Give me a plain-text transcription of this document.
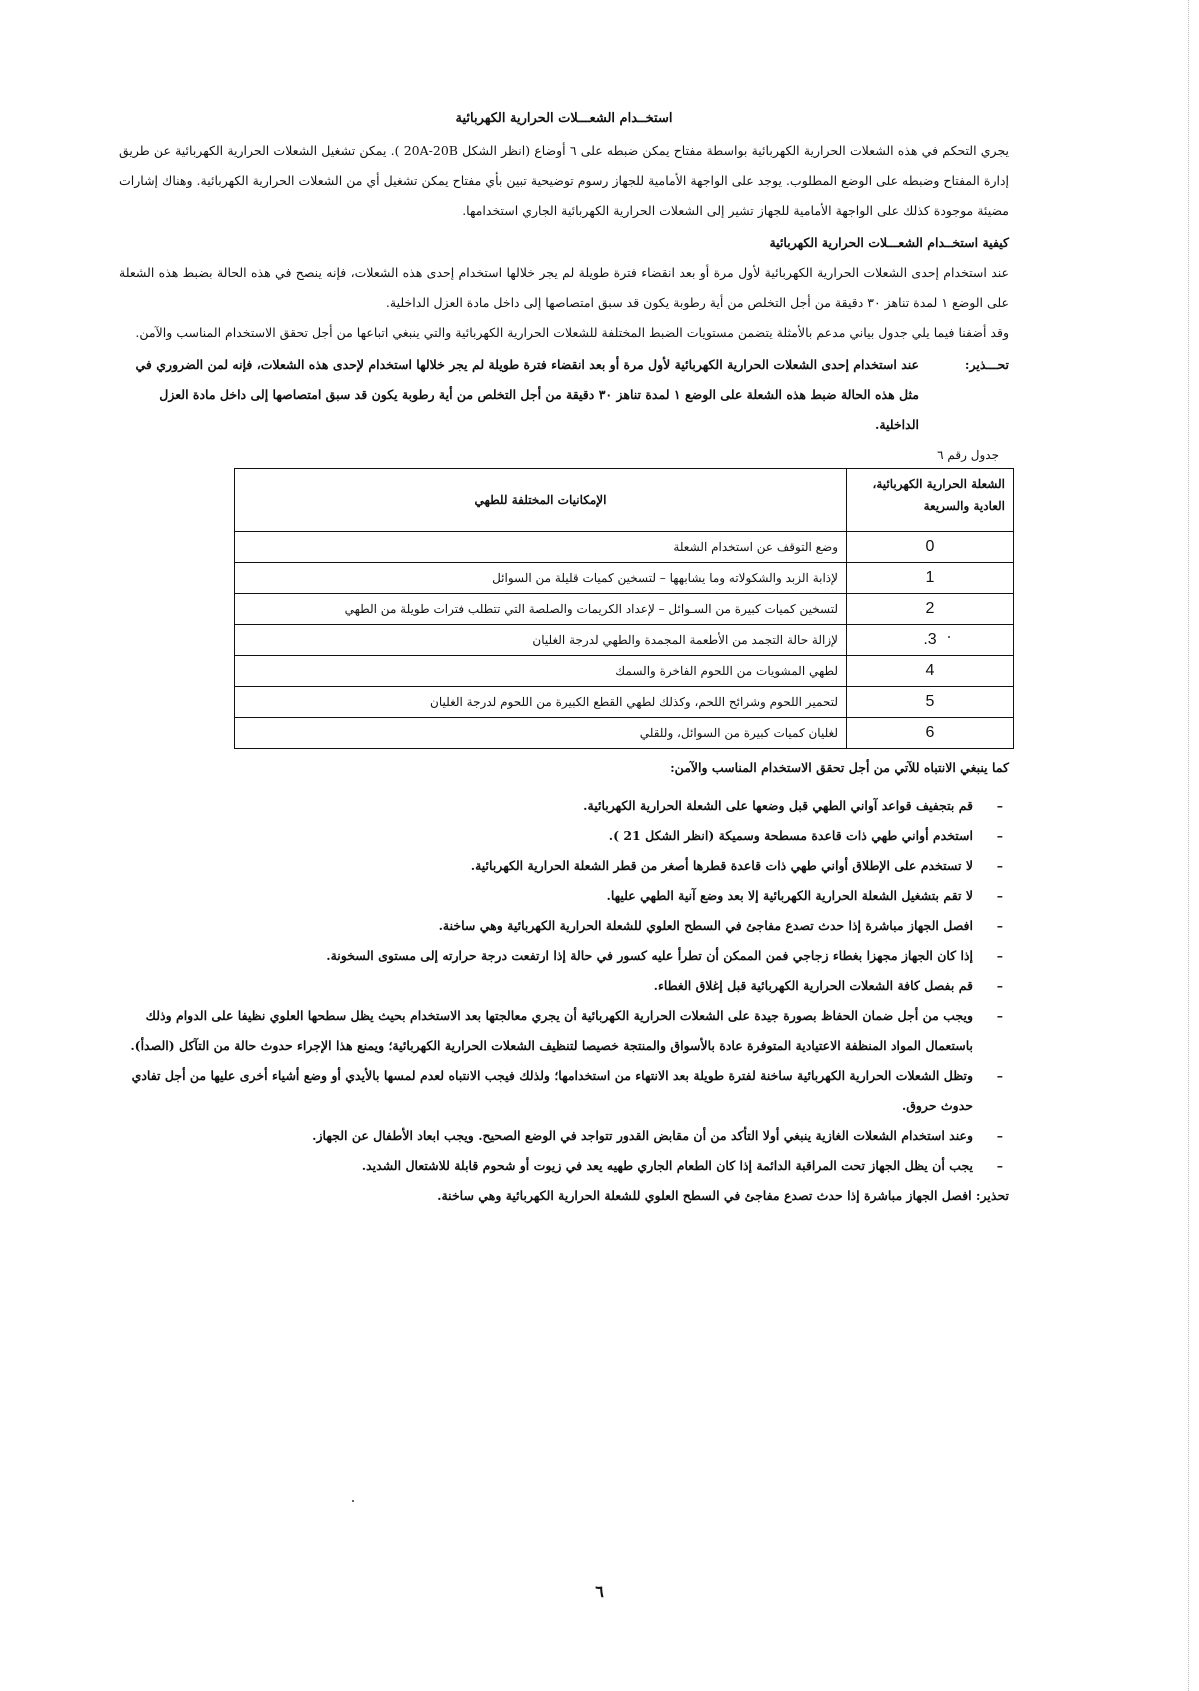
استخــدام الشعـــلات الحرارية الكهربائية

يجري التحكم في هذه الشعلات الحرارية الكهربائية بواسطة مفتاح يمكن ضبطه على ٦ أوضاع (انظر الشكل 20A-20B ). يمكن تشغيل الشعلات الحرارية الكهربائية عن طريق إدارة المفتاح وضبطه على الوضع المطلوب. يوجد على الواجهة الأمامية للجهاز رسوم توضيحية تبين بأي مفتاح يمكن تشغيل أي من الشعلات الحرارية الكهربائية. وهناك إشارات مضيئة موجودة كذلك على الواجهة الأمامية للجهاز تشير إلى الشعلات الحرارية الكهربائية الجاري استخدامها.

كيفية استخــدام الشعـــلات الحرارية الكهربائية

عند استخدام إحدى الشعلات الحرارية الكهربائية لأول مرة أو بعد انقضاء فترة طويلة لم يجر خلالها استخدام إحدى هذه الشعلات، فإنه ينصح في هذه الحالة بضبط هذه الشعلة على الوضع ١ لمدة تناهز ٣٠ دقيقة من أجل التخلص من أية رطوبة يكون قد سبق امتصاصها إلى داخل مادة العزل الداخلية.

وقد أضفنا فيما يلي جدول بياني مدعم بالأمثلة يتضمن مستويات الضبط المختلفة للشعلات الحرارية الكهربائية والتي ينبغي اتباعها من أجل تحقق الاستخدام المناسب والآمن.

تحـــذير:
عند استخدام إحدى الشعلات الحرارية الكهربائية لأول مرة أو بعد انقضاء فترة طويلة لم يجر خلالها استخدام لإحدى هذه الشعلات، فإنه لمن الضروري في مثل هذه الحالة ضبط هذه الشعلة على الوضع ١ لمدة تناهز ٣٠ دقيقة من أجل التخلص من أية رطوبة يكون قد سبق امتصاصها إلى داخل مادة العزل الداخلية.
جدول رقم ٦
الشعلة الحرارية الكهربائية، العادية والسريعة	الإمكانيات المختلفة للطهي
0	وضع التوقف عن استخدام الشعلة
1	لإذابة الزبد والشكولاته وما يشابهها – لتسخين كميات قليلة من السوائل
2	لتسخين كميات كبيرة من السـوائل – لإعداد الكريمات والصلصة التي تتطلب فترات طويلة من الطهي
3.	لإزالة حالة التجمد من الأطعمة المجمدة والطهي لدرجة الغليان
4	لطهي المشويات من اللحوم الفاخرة والسمك
5	لتحمير اللحوم وشرائح اللحم، وكذلك لطهي القطع الكبيرة من اللحوم لدرجة الغليان
6	لغليان كميات كبيرة من السوائل، وللقلي
كما ينبغي الانتباه للآتي من أجل تحقق الاستخدام المناسب والآمن:
– قم بتجفيف قواعد آواني الطهي قبل وضعها على الشعلة الحرارية الكهربائية.
– استخدم أواني طهي ذات قاعدة مسطحة وسميكة (انظر الشكل 21 ).
– لا تستخدم على الإطلاق أواني طهي ذات قاعدة قطرها أصغر من قطر الشعلة الحرارية الكهربائية.
– لا تقم بتشغيل الشعلة الحرارية الكهربائية إلا بعد وضع آنية الطهي عليها.
– افصل الجهاز مباشرة إذا حدث تصدع مفاجئ في السطح العلوي للشعلة الحرارية الكهربائية وهي ساخنة.
– إذا كان الجهاز مجهزا بغطاء زجاجي فمن الممكن أن تطرأ عليه كسور في حالة إذا ارتفعت درجة حرارته إلى مستوى السخونة.
– قم بفصل كافة الشعلات الحرارية الكهربائية قبل إغلاق الغطاء.
– ويجب من أجل ضمان الحفاظ بصورة جيدة على الشعلات الحرارية الكهربائية أن يجري معالجتها بعد الاستخدام بحيث يظل سطحها العلوي نظيفا على الدوام وذلك باستعمال المواد المنظفة الاعتيادية المتوفرة عادة بالأسواق والمنتجة خصيصا لتنظيف الشعلات الحرارية الكهربائية؛ ويمنع هذا الإجراء حدوث حالة من التآكل (الصدأ).
– وتظل الشعلات الحرارية الكهربائية ساخنة لفترة طويلة بعد الانتهاء من استخدامها؛ ولذلك فيجب الانتباه لعدم لمسها بالأيدي أو وضع أشياء أخرى عليها من أجل تفادي حدوث حروق.
– وعند استخدام الشعلات الغازية ينبغي أولا التأكد من أن مقابض القدور تتواجد في الوضع الصحيح. ويجب ابعاد الأطفال عن الجهاز.
– يجب أن يظل الجهاز تحت المراقبة الدائمة إذا كان الطعام الجاري طهيه يعد في زيوت أو شحوم قابلة للاشتعال الشديد.
تحذير: افصل الجهاز مباشرة إذا حدث تصدع مفاجئ في السطح العلوي للشعلة الحرارية الكهربائية وهي ساخنة.
٦
